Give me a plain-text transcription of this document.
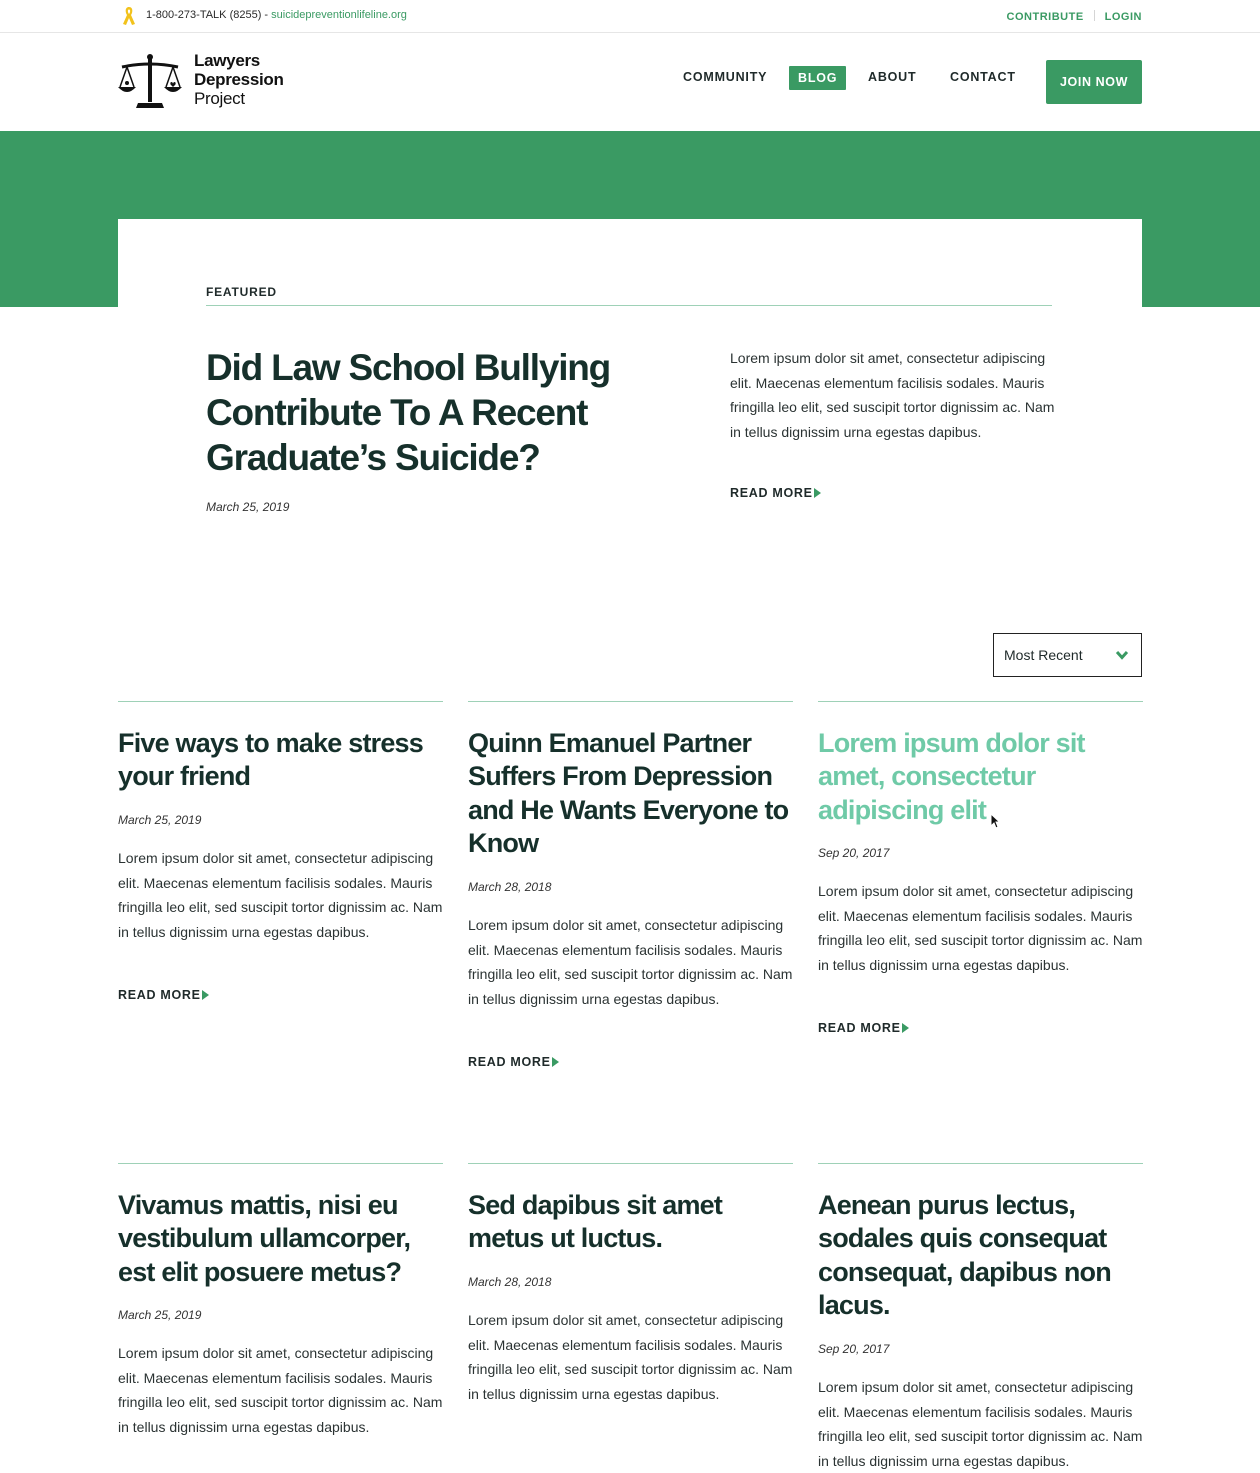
1-800-273-TALK (8255) - suicidepreventionlifeline.org	CONTRIBUTE LOGIN
Lawyers
Depression
Project
COMMUNITY	BLOG	ABOUT	CONTACT	JOIN NOW
FEATURED
Did Law School Bullying Contribute To A Recent Graduate’s Suicide?
March 25, 2019
Lorem ipsum dolor sit amet, consectetur adipiscing elit. Maecenas elementum facilisis sodales. Mauris fringilla leo elit, sed suscipit tortor dignissim ac. Nam in tellus dignissim urna egestas dapibus.
READ MORE
Most Recent
Five ways to make stress your friend
March 25, 2019
Lorem ipsum dolor sit amet, consectetur adipiscing elit. Maecenas elementum facilisis sodales. Mauris fringilla leo elit, sed suscipit tortor dignissim ac. Nam in tellus dignissim urna egestas dapibus.
READ MORE
Quinn Emanuel Partner Suffers From Depression and He Wants Everyone to Know
March 28, 2018
Lorem ipsum dolor sit amet, consectetur adipiscing elit. Maecenas elementum facilisis sodales. Mauris fringilla leo elit, sed suscipit tortor dignissim ac. Nam in tellus dignissim urna egestas dapibus.
READ MORE
Lorem ipsum dolor sit amet, consectetur adipiscing elit
Sep 20, 2017
Lorem ipsum dolor sit amet, consectetur adipiscing elit. Maecenas elementum facilisis sodales. Mauris fringilla leo elit, sed suscipit tortor dignissim ac. Nam in tellus dignissim urna egestas dapibus.
READ MORE
Vivamus mattis, nisi eu vestibulum ullamcorper, est elit posuere metus?
March 25, 2019
Lorem ipsum dolor sit amet, consectetur adipiscing elit. Maecenas elementum facilisis sodales. Mauris fringilla leo elit, sed suscipit tortor dignissim ac. Nam in tellus dignissim urna egestas dapibus.
Sed dapibus sit amet metus ut luctus.
March 28, 2018
Lorem ipsum dolor sit amet, consectetur adipiscing elit. Maecenas elementum facilisis sodales. Mauris fringilla leo elit, sed suscipit tortor dignissim ac. Nam in tellus dignissim urna egestas dapibus.
Aenean purus lectus, sodales quis consequat consequat, dapibus non lacus.
Sep 20, 2017
Lorem ipsum dolor sit amet, consectetur adipiscing elit. Maecenas elementum facilisis sodales. Mauris fringilla leo elit, sed suscipit tortor dignissim ac. Nam in tellus dignissim urna egestas dapibus.
